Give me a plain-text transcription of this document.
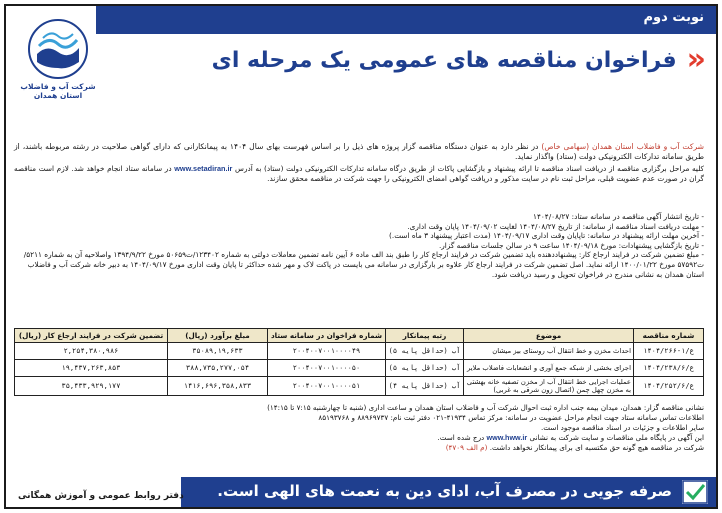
نوبت دوم
شرکت آب و فاضلاب استان همدان
«
فراخوان مناقصه های عمومی یک مرحله ای
شرکت آب و فاضلاب استان همدان (سهامی خاص) در نظر دارد به عنوان دستگاه مناقصه گزار پروژه های ذیل را بر اساس فهرست بهای سال ۱۴۰۴ به پیمانکارانی که دارای گواهی صلاحیت در رشته مربوطه باشند، از طریق سامانه تدارکات الکترونیکی دولت (ستاد) واگذار نماید.
کلیه مراحل برگزاری مناقصه از دریافت اسناد مناقصه تا ارائه پیشنهاد و بازگشایی پاکات از طریق درگاه سامانه تدارکات الکترونیکی دولت (ستاد) به آدرس www.setadiran.ir در سامانه ستاد انجام خواهد شد. لازم است مناقصه گران در صورت عدم عضویت قبلی، مراحل ثبت نام در سایت مذکور و دریافت گواهی امضای الکترونیکی را جهت شرکت در مناقصه محقق سازند.
- تاریخ انتشار آگهی مناقصه در سامانه ستاد: ۱۴۰۴/۰۸/۲۷
- مهلت دریافت اسناد مناقصه از سامانه: از تاریخ ۱۴۰۴/۰۸/۲۷ لغایت ۱۴۰۴/۰۹/۰۲ پایان وقت اداری.
- آخرین مهلت ارائه پیشنهاد در سامانه: تاپایان وقت اداری ۱۴۰۴/۰۹/۱۷ (مدت اعتبار پیشنهاد ۳ ماه است.)
- تاریخ بازگشایی پیشنهادات: مورخ ۱۴۰۴/۰۹/۱۸ ساعت ۹ در سالن جلسات مناقصه گزار.
- مبلغ تضمین شرکت در فرایند ارجاع کار: پیشنهاددهنده باید تضمین شرکت در فرایند ارجاع کار را طبق بند الف ماده ۶ آیین نامه تضمین معاملات دولتی به شماره ۱۲۳۴۰۲/ت۵۰۶۵۹ مورخ ۱۳۹۴/۹/۲۲ واصلاحیه آن به شماره ۵۲۱۱/ت۵۷۵۹۲ مورخ ۱۴۰۰/۰۱/۲۲ ارائه نماید. اصل تضمین شرکت در فرایند ارجاع کار علاوه بر بارگزاری در سامانه می بایست در پاکت لاک و مهر شده حداکثر تا پایان وقت اداری مورخ ۱۴۰۴/۰۹/۱۷ به دبیر خانه شرکت آب و فاضلاب استان همدان به نشانی مندرج در فراخوان تحویل و رسید دریافت شود.
شماره مناقصه	موضوع	رتبه پیمانکار	شماره فراخوان در سامانه ستاد	مبلغ برآورد (ریال)	تضمین شرکت در فرایند ارجاع کار (ریال)
ع/۱-۱۴۰۴/۲۶۶	احداث مخزن و خط انتقال آب روستای بیز میشان	آب (حداقل پایه ۵)	۲۰۰۴۰۰۷۰۰۱۰۰۰۰۴۹	۳۵۰۸۹,۱۹,۶۳۳	۲,۲۵۴,۳۸۰,۹۸۶
ع/۱۴۰۴/۲۳۸/۶	اجرای بخشی از شبکه جمع آوری و انشعابات فاضلاب ملایر	آب (حداقل پایه ۵)	۲۰۰۴۰۰۷۰۰۱۰۰۰۰۵۰	۳۸۸,۷۳۵,۲۷۷,۰۵۴	۱۹,۴۳۷,۲۶۳,۸۵۳
ع/۱۴۰۴/۲۵۲/۶	عملیات اجرایی خط انتقال آب از مخزن تصفیه خانه بهشتی به مخزن چهل چمن (اتصال زون شرقی به غربی)	آب (حداقل پایه ۴)	۲۰۰۴۰۰۷۰۰۱۰۰۰۰۵۱	۱۴۱۶,۶۹۶,۳۵۸,۸۳۳	۳۵,۴۳۳,۹۲۹,۱۷۷
نشانی مناقصه گزار: همدان، میدان بیمه جنب اداره ثبت احوال شرکت آب و فاضلاب استان همدان و ساعت اداری (شنبه تا چهارشنبه ۷:۱۵ تا ۱۴:۱۵)
اطلاعات تماس سامانه ستاد جهت انجام مراحل عضویت در سامانه: مرکز تماس ۴۱۹۳۴-۰۲۱ دفتر ثبت نام: ۸۸۹۶۹۷۳۷ و ۸۵۱۹۳۷۶۸
سایر اطلاعات و جزئیات در اسناد مناقصه موجود است.
این آگهی در پایگاه ملی مناقصات و سایت شرکت به نشانی www.hww.ir درج شده است.
شرکت در مناقصه هیچ گونه حق مکتسبه ای برای پیمانکار نخواهد داشت. (م الف ۴۷۰۹)
صرفه جویی در مصرف آب، ادای دین به نعمت های الهی است.
دفتر روابط عمومی و آموزش همگانی
